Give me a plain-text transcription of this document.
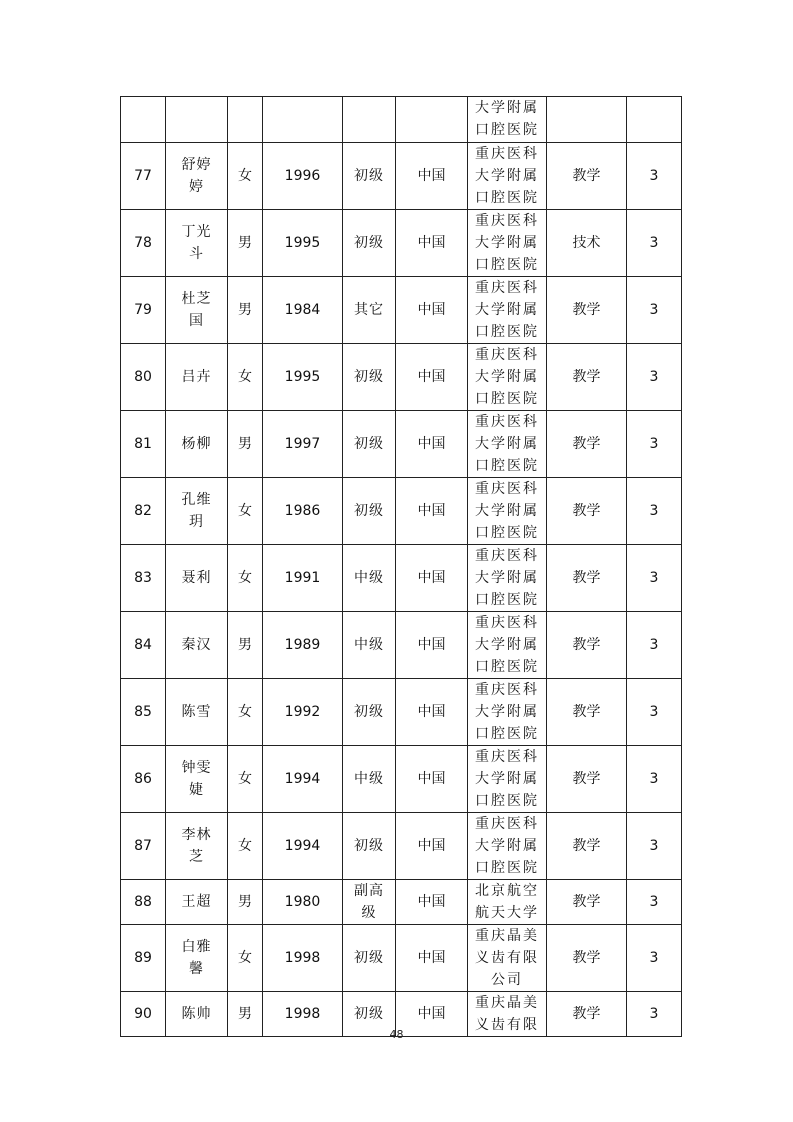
						大学附属口腔医院		

77	舒婷婷	女	1996	初级	中国	重庆医科大学附属口腔医院	教学	3

78	丁光斗	男	1995	初级	中国	重庆医科大学附属口腔医院	技术	3

79	杜芝国	男	1984	其它	中国	重庆医科大学附属口腔医院	教学	3

80	吕卉	女	1995	初级	中国	重庆医科大学附属口腔医院	教学	3

81	杨柳	男	1997	初级	中国	重庆医科大学附属口腔医院	教学	3

82	孔维玥	女	1986	初级	中国	重庆医科大学附属口腔医院	教学	3

83	聂利	女	1991	中级	中国	重庆医科大学附属口腔医院	教学	3

84	秦汉	男	1989	中级	中国	重庆医科大学附属口腔医院	教学	3

85	陈雪	女	1992	初级	中国	重庆医科大学附属口腔医院	教学	3

86	钟雯婕	女	1994	中级	中国	重庆医科大学附属口腔医院	教学	3

87	李林芝	女	1994	初级	中国	重庆医科大学附属口腔医院	教学	3

88	王超	男	1980	副高级	中国	北京航空航天大学	教学	3

89	白雅馨	女	1998	初级	中国	重庆晶美义齿有限公司	教学	3

90	陈帅	男	1998	初级	中国	重庆晶美义齿有限	教学	3
48
